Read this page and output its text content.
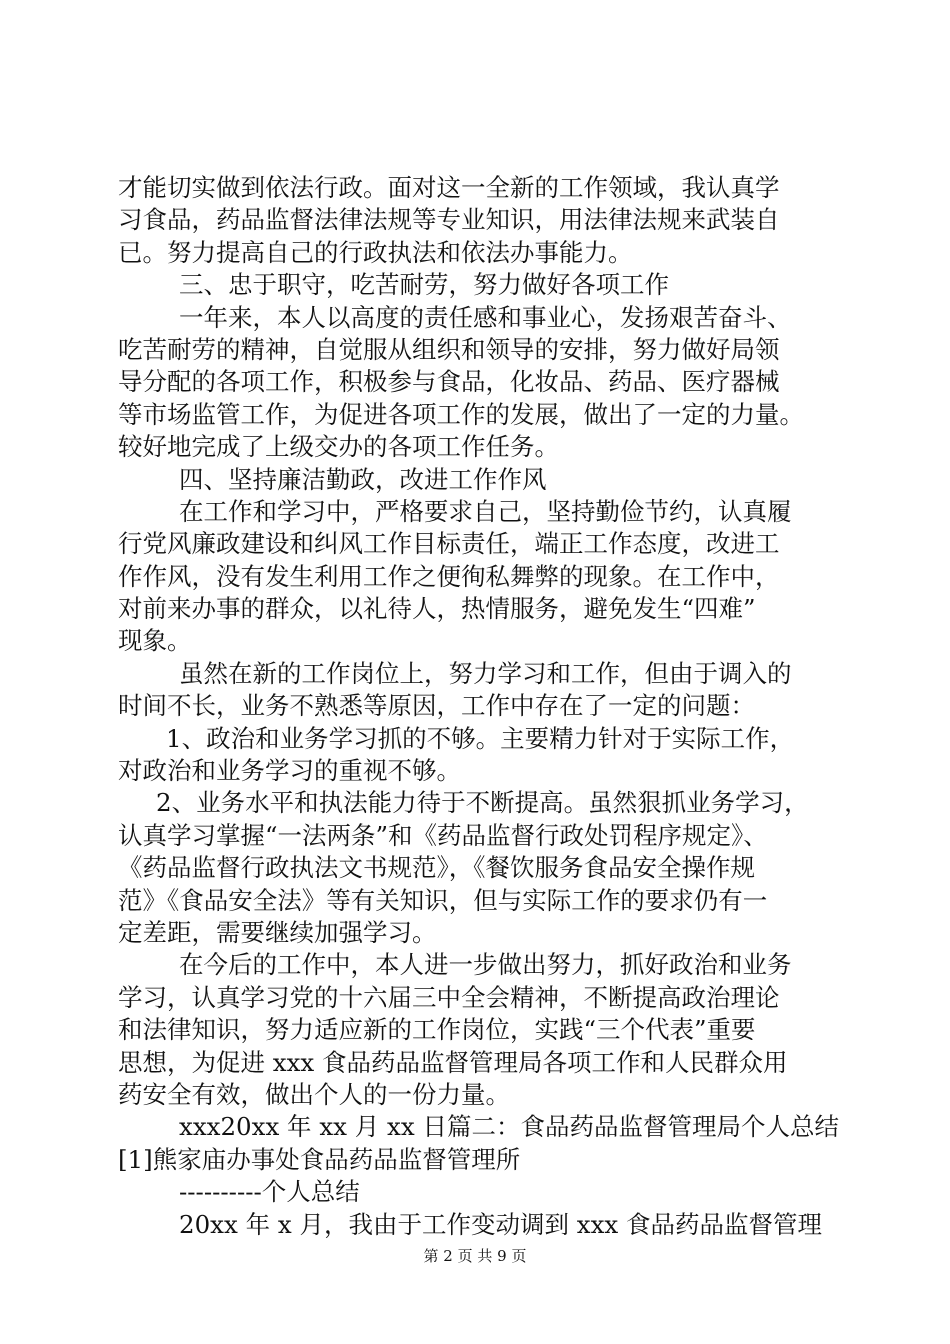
才能切实做到依法行政。面对这一全新的工作领域，我认真学
习食品，药品监督法律法规等专业知识，用法律法规来武装自
已。努力提高自己的行政执法和依法办事能力。
三、忠于职守，吃苦耐劳，努力做好各项工作
一年来，本人以高度的责任感和事业心，发扬艰苦奋斗、
吃苦耐劳的精神，自觉服从组织和领导的安排，努力做好局领
导分配的各项工作，积极参与食品，化妆品、药品、医疗器械
等市场监管工作，为促进各项工作的发展，做出了一定的力量。
较好地完成了上级交办的各项工作任务。
四、坚持廉洁勤政，改进工作作风
在工作和学习中，严格要求自己，坚持勤俭节约，认真履
行党风廉政建设和纠风工作目标责任，端正工作态度，改进工
作作风，没有发生利用工作之便徇私舞弊的现象。在工作中，
对前来办事的群众，以礼待人，热情服务，避免发生“四难”
现象。
虽然在新的工作岗位上，努力学习和工作，但由于调入的
时间不长，业务不熟悉等原因，工作中存在了一定的问题：
1、政治和业务学习抓的不够。主要精力针对于实际工作，
对政治和业务学习的重视不够。
2、业务水平和执法能力待于不断提高。虽然狠抓业务学习，
认真学习掌握“一法两条”和《药品监督行政处罚程序规定》、
《药品监督行政执法文书规范》，《餐饮服务食品安全操作规
范》《食品安全法》等有关知识，但与实际工作的要求仍有一
定差距，需要继续加强学习。
在今后的工作中，本人进一步做出努力，抓好政治和业务
学习，认真学习党的十六届三中全会精神，不断提高政治理论
和法律知识，努力适应新的工作岗位，实践“三个代表”重要
思想，为促进 xxx 食品药品监督管理局各项工作和人民群众用
药安全有效，做出个人的一份力量。
xxx20xx 年 xx 月 xx 日篇二：食品药品监督管理局个人总结
[1]熊家庙办事处食品药品监督管理所
----------个人总结
20xx 年 x 月，我由于工作变动调到 xxx 食品药品监督管理
第 2 页 共 9 页
